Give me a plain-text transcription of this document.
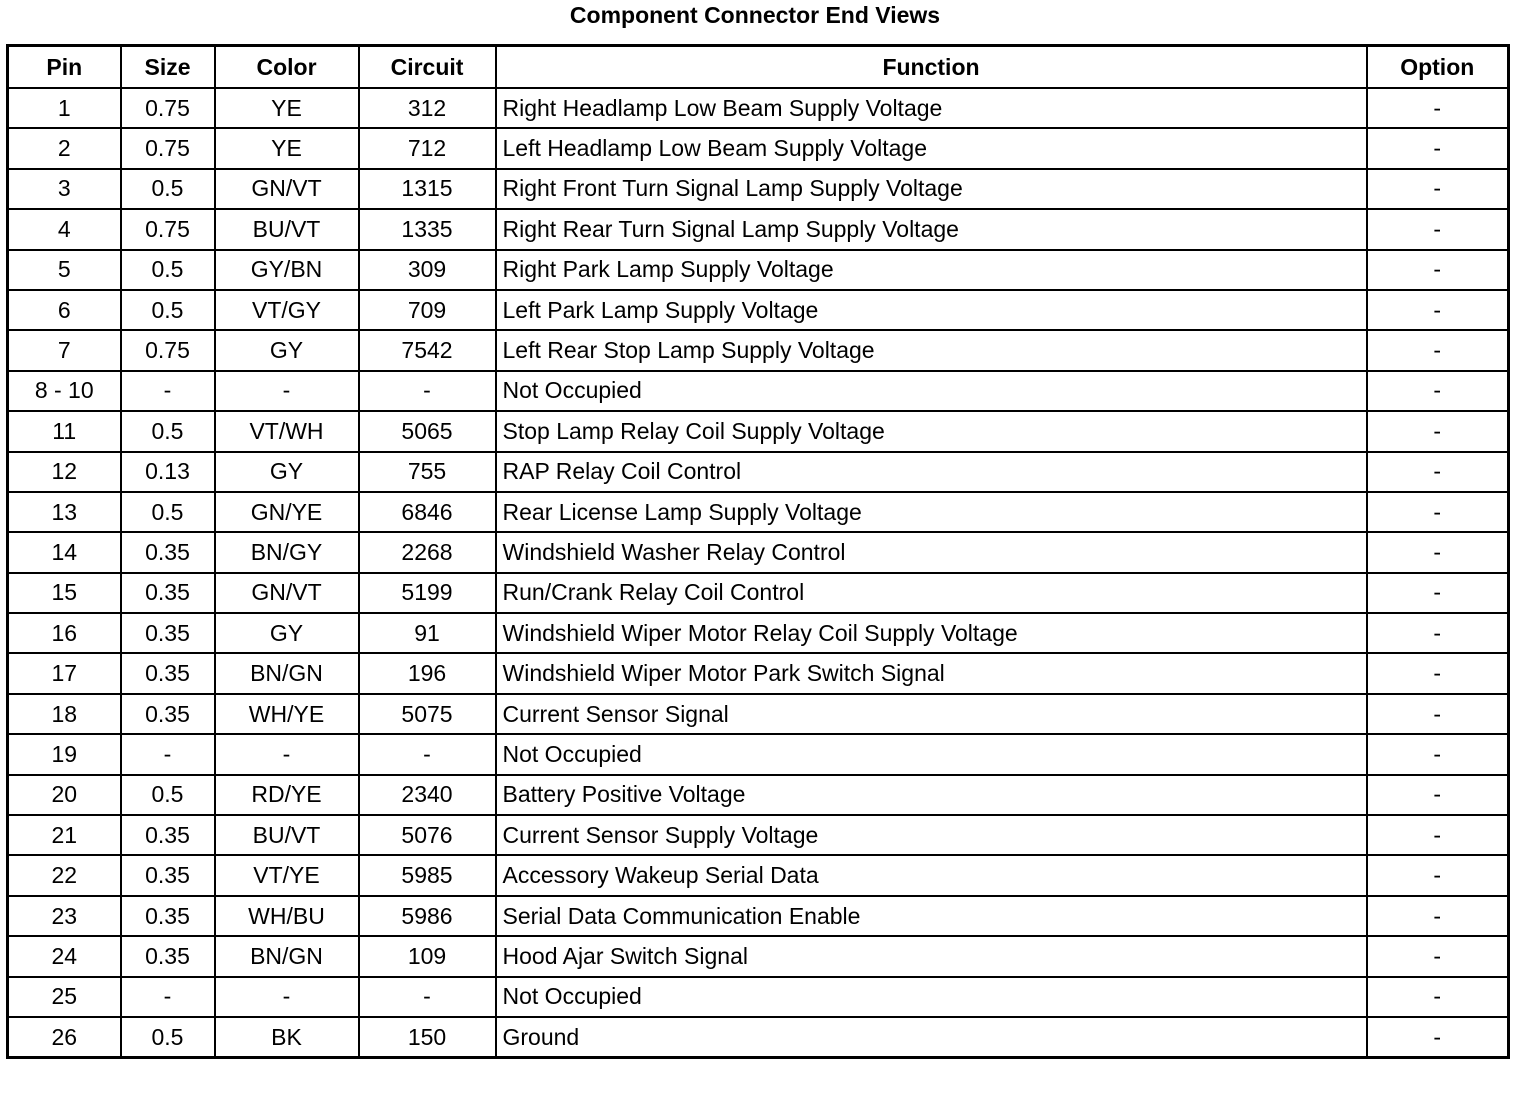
Component Connector End Views
Pin	Size	Color	Circuit	Function	Option
1	0.75	YE	312	Right Headlamp Low Beam Supply Voltage	-
2	0.75	YE	712	Left Headlamp Low Beam Supply Voltage	-
3	0.5	GN/VT	1315	Right Front Turn Signal Lamp Supply Voltage	-
4	0.75	BU/VT	1335	Right Rear Turn Signal Lamp Supply Voltage	-
5	0.5	GY/BN	309	Right Park Lamp Supply Voltage	-
6	0.5	VT/GY	709	Left Park Lamp Supply Voltage	-
7	0.75	GY	7542	Left Rear Stop Lamp Supply Voltage	-
8 - 10	-	-	-	Not Occupied	-
11	0.5	VT/WH	5065	Stop Lamp Relay Coil Supply Voltage	-
12	0.13	GY	755	RAP Relay Coil Control	-
13	0.5	GN/YE	6846	Rear License Lamp Supply Voltage	-
14	0.35	BN/GY	2268	Windshield Washer Relay Control	-
15	0.35	GN/VT	5199	Run/Crank Relay Coil Control	-
16	0.35	GY	91	Windshield Wiper Motor Relay Coil Supply Voltage	-
17	0.35	BN/GN	196	Windshield Wiper Motor Park Switch Signal	-
18	0.35	WH/YE	5075	Current Sensor Signal	-
19	-	-	-	Not Occupied	-
20	0.5	RD/YE	2340	Battery Positive Voltage	-
21	0.35	BU/VT	5076	Current Sensor Supply Voltage	-
22	0.35	VT/YE	5985	Accessory Wakeup Serial Data	-
23	0.35	WH/BU	5986	Serial Data Communication Enable	-
24	0.35	BN/GN	109	Hood Ajar Switch Signal	-
25	-	-	-	Not Occupied	-
26	0.5	BK	150	Ground	-
